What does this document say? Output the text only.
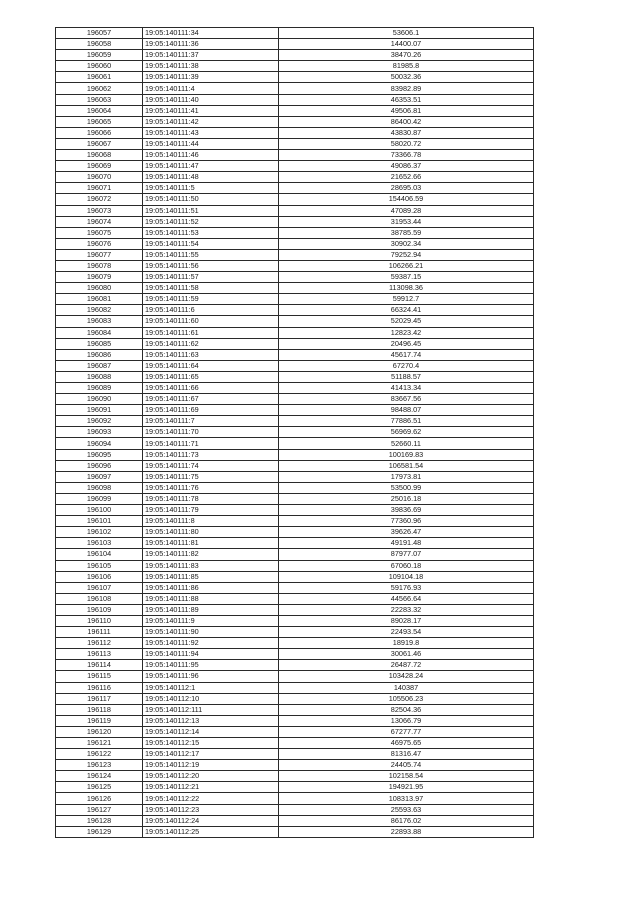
196057	19:05:140111:34	53606.1
196058	19:05:140111:36	14400.07
196059	19:05:140111:37	38470.26
196060	19:05:140111:38	81985.8
196061	19:05:140111:39	50032.36
196062	19:05:140111:4	83982.89
196063	19:05:140111:40	46353.51
196064	19:05:140111:41	49506.81
196065	19:05:140111:42	86400.42
196066	19:05:140111:43	43830.87
196067	19:05:140111:44	58020.72
196068	19:05:140111:46	73366.78
196069	19:05:140111:47	49086.37
196070	19:05:140111:48	21652.66
196071	19:05:140111:5	28695.03
196072	19:05:140111:50	154406.59
196073	19:05:140111:51	47089.28
196074	19:05:140111:52	31953.44
196075	19:05:140111:53	38785.59
196076	19:05:140111:54	30902.34
196077	19:05:140111:55	79252.94
196078	19:05:140111:56	106266.21
196079	19:05:140111:57	59387.15
196080	19:05:140111:58	113098.36
196081	19:05:140111:59	59912.7
196082	19:05:140111:6	66324.41
196083	19:05:140111:60	52029.45
196084	19:05:140111:61	12823.42
196085	19:05:140111:62	20496.45
196086	19:05:140111:63	45617.74
196087	19:05:140111:64	67270.4
196088	19:05:140111:65	51188.57
196089	19:05:140111:66	41413.34
196090	19:05:140111:67	83667.56
196091	19:05:140111:69	98488.07
196092	19:05:140111:7	77886.51
196093	19:05:140111:70	56969.62
196094	19:05:140111:71	52660.11
196095	19:05:140111:73	100169.83
196096	19:05:140111:74	106581.54
196097	19:05:140111:75	17973.81
196098	19:05:140111:76	53500.99
196099	19:05:140111:78	25016.18
196100	19:05:140111:79	39836.69
196101	19:05:140111:8	77360.96
196102	19:05:140111:80	39626.47
196103	19:05:140111:81	49191.48
196104	19:05:140111:82	87977.07
196105	19:05:140111:83	67060.18
196106	19:05:140111:85	109104.18
196107	19:05:140111:86	59176.93
196108	19:05:140111:88	44566.64
196109	19:05:140111:89	22283.32
196110	19:05:140111:9	89028.17
196111	19:05:140111:90	22493.54
196112	19:05:140111:92	18919.8
196113	19:05:140111:94	30061.46
196114	19:05:140111:95	26487.72
196115	19:05:140111:96	103428.24
196116	19:05:140112:1	140387
196117	19:05:140112:10	105506.23
196118	19:05:140112:111	82504.36
196119	19:05:140112:13	13066.79
196120	19:05:140112:14	67277.77
196121	19:05:140112:15	46975.65
196122	19:05:140112:17	81316.47
196123	19:05:140112:19	24405.74
196124	19:05:140112:20	102158.54
196125	19:05:140112:21	194921.95
196126	19:05:140112:22	108313.97
196127	19:05:140112:23	25593.63
196128	19:05:140112:24	86176.02
196129	19:05:140112:25	22893.88
